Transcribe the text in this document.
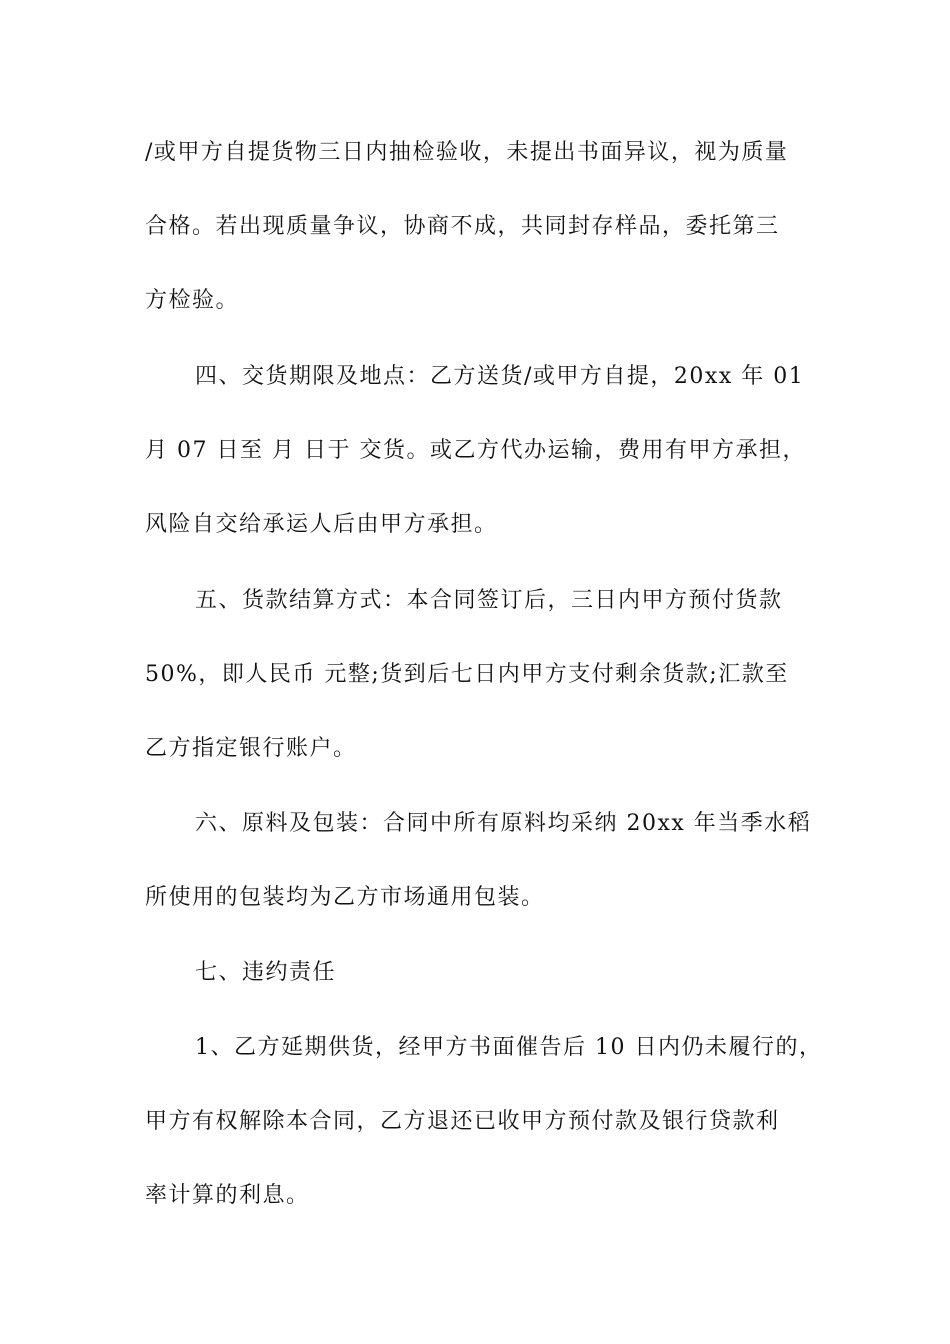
/或甲方自提货物三日内抽检验收，未提出书面异议，视为质量
合格。若出现质量争议，协商不成，共同封存样品，委托第三
方检验。
四、交货期限及地点：乙方送货/或甲方自提，20xx 年 01
月 07 日至 月 日于 交货。或乙方代办运输，费用有甲方承担，
风险自交给承运人后由甲方承担。
五、货款结算方式：本合同签订后，三日内甲方预付货款
50%，即人民币 元整;货到后七日内甲方支付剩余货款;汇款至
乙方指定银行账户。
六、原料及包装：合同中所有原料均采纳 20xx 年当季水稻
所使用的包装均为乙方市场通用包装。
七、违约责任
1、乙方延期供货，经甲方书面催告后 10 日内仍未履行的，
甲方有权解除本合同，乙方退还已收甲方预付款及银行贷款利
率计算的利息。
